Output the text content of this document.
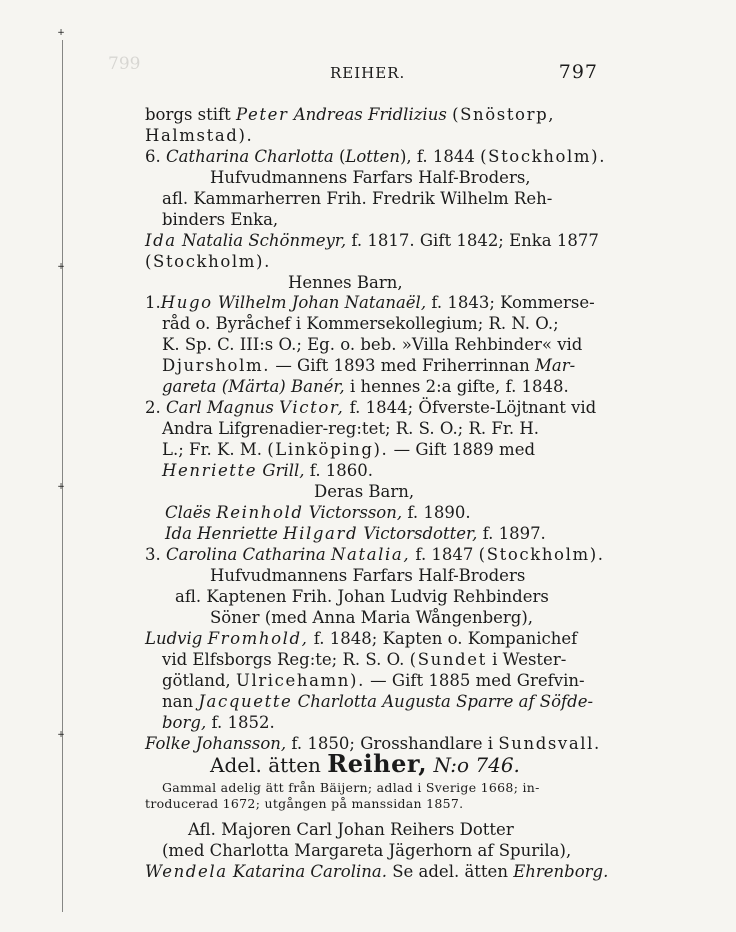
+
+
+
+
799	REIHER.	797
borgs stift Peter Andreas Fridlizius (Snöstorp,
Halmstad).
6. Catharina Charlotta (Lotten), f. 1844 (Stockholm).
Hufvudmannens Farfars Half-Broders,
afl. Kammarherren Frih. Fredrik Wilhelm Reh-
binders Enka,
Ida Natalia Schönmeyr, f. 1817. Gift 1842; Enka 1877
(Stockholm).
Hennes Barn,
1.Hugo Wilhelm Johan Natanaël, f. 1843; Kommerse-
råd o. Byråchef i Kommersekollegium; R. N. O.;
K. Sp. C. III:s O.; Eg. o. beb. »Villa Rehbinder« vid
Djursholm. — Gift 1893 med Friherrinnan Mar-
gareta (Märta) Banér, i hennes 2:a gifte, f. 1848.
2. Carl Magnus Victor, f. 1844; Öfverste-Löjtnant vid
Andra Lifgrenadier-reg:tet; R. S. O.; R. Fr. H.
L.; Fr. K. M. (Linköping). — Gift 1889 med
Henriette Grill, f. 1860.
Deras Barn,
Claës Reinhold Victorsson, f. 1890.
Ida Henriette Hilgard Victorsdotter, f. 1897.
3. Carolina Catharina Natalia, f. 1847 (Stockholm).
Hufvudmannens Farfars Half-Broders
afl. Kaptenen Frih. Johan Ludvig Rehbinders
Söner (med Anna Maria Wångenberg),
Ludvig Fromhold, f. 1848; Kapten o. Kompanichef
vid Elfsborgs Reg:te; R. S. O. (Sundet i Wester-
götland, Ulricehamn). — Gift 1885 med Grefvin-
nan Jacquette Charlotta Augusta Sparre af Söfde-
borg, f. 1852.
Folke Johansson, f. 1850; Grosshandlare i Sundsvall.
Adel. ätten Reiher, N:o 746.
Gammal adelig ätt från Bäijern; adlad i Sverige 1668; in-
troducerad 1672; utgången på manssidan 1857.
Afl. Majoren Carl Johan Reihers Dotter
(med Charlotta Margareta Jägerhorn af Spurila),
Wendela Katarina Carolina. Se adel. ätten Ehrenborg.
